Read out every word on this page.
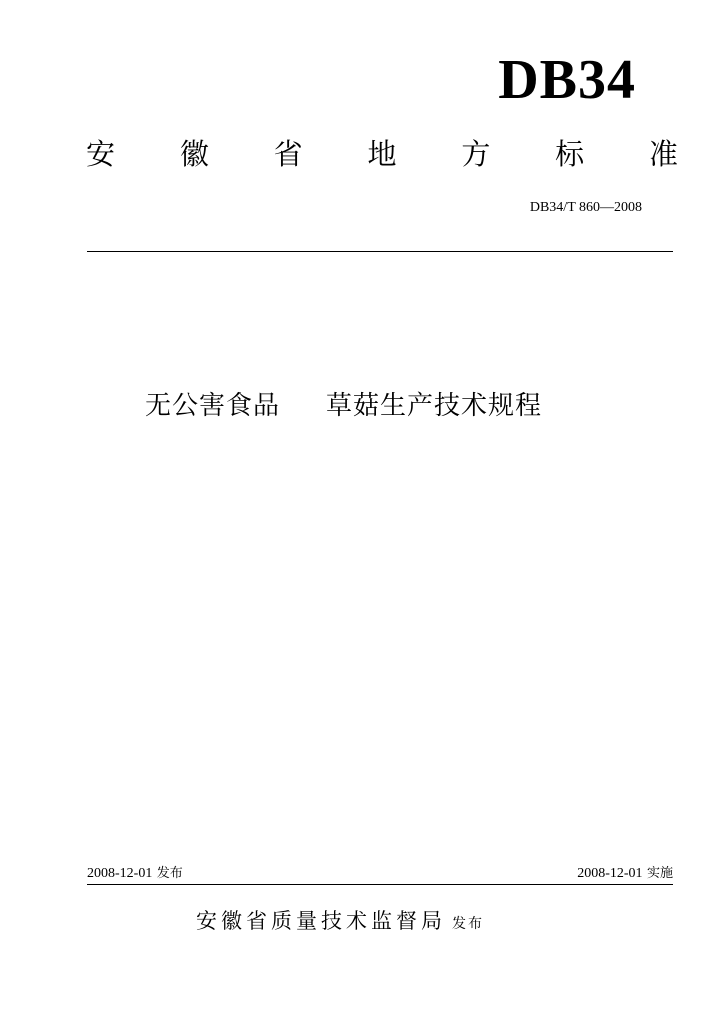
DB34
安 徽 省 地 方 标 准
DB34/T 860—2008
无公害食品 草菇生产技术规程
2008-12-01 发布	2008-12-01 实施
安徽省质量技术监督局 发布
